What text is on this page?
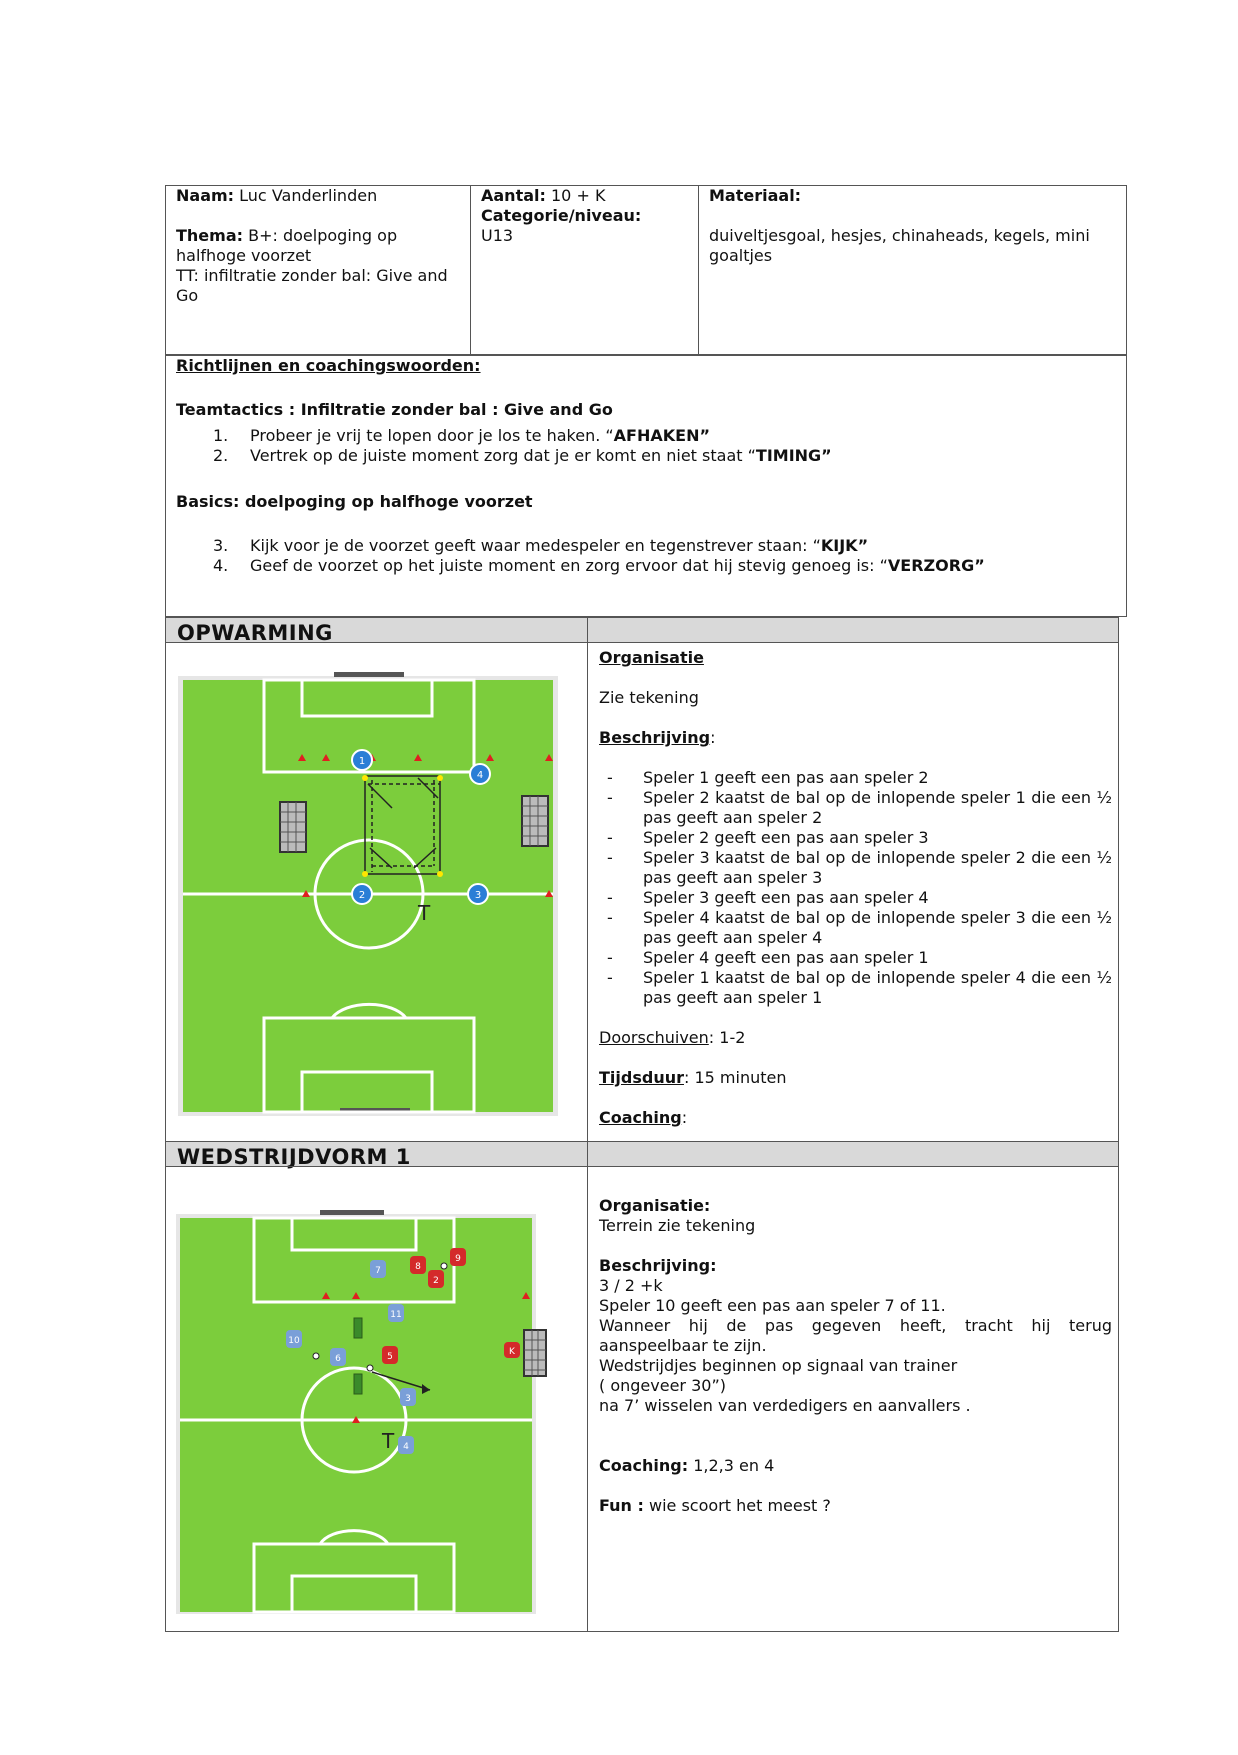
Naam: Luc Vanderlinden
Thema: B+: doelpoging op halfhoge voorzet
TT: infiltratie zonder bal: Give and Go
Aantal: 10 + K
Categorie/niveau:
U13
Materiaal:
duiveltjesgoal, hesjes, chinaheads, kegels, mini goaltjes
Richtlijnen en coachingswoorden:
Teamtactics : Infiltratie zonder bal : Give and Go
1. Probeer je vrij te lopen door je los te haken. “AFHAKEN”
2. Vertrek op de juiste moment zorg dat je er komt en niet staat “TIMING”
Basics: doelpoging op halfhoge voorzet
3. Kijk voor je de voorzet geeft waar medespeler en tegenstrever staan: “KIJK”
4. Geef de voorzet op het juiste moment en zorg ervoor dat hij stevig genoeg is: “VERZORG”
OPWARMING
1
4
2	3
T
Organisatie
Zie tekening
Beschrijving:
- Speler 1 geeft een pas aan speler 2
- Speler 2 kaatst de bal op de inlopende speler 1 die een ½ pas geeft aan speler 2
- Speler 2 geeft een pas aan speler 3
- Speler 3 kaatst de bal op de inlopende speler 2 die een ½ pas geeft aan speler 3
- Speler 3 geeft een pas aan speler 4
- Speler 4 kaatst de bal op de inlopende speler 3 die een ½ pas geeft aan speler 4
- Speler 4 geeft een pas aan speler 1
- Speler 1 kaatst de bal op de inlopende speler 4 die een ½ pas geeft aan speler 1
Doorschuiven: 1-2
Tijdsduur: 15 minuten
Coaching:
WEDSTRIJDVORM 1
8
9
2
5	K
7
11
10
6
3
4
T
Organisatie:
Terrein zie tekening
Beschrijving:
3 / 2 +k
Speler 10 geeft een pas aan speler 7 of 11.
Wanneer hij de pas gegeven heeft, tracht hij terug aanspeelbaar te zijn.
Wedstrijdjes beginnen op signaal van trainer
( ongeveer 30”)
na 7’ wisselen van verdedigers en aanvallers .
Coaching: 1,2,3 en 4
Fun : wie scoort het meest ?
